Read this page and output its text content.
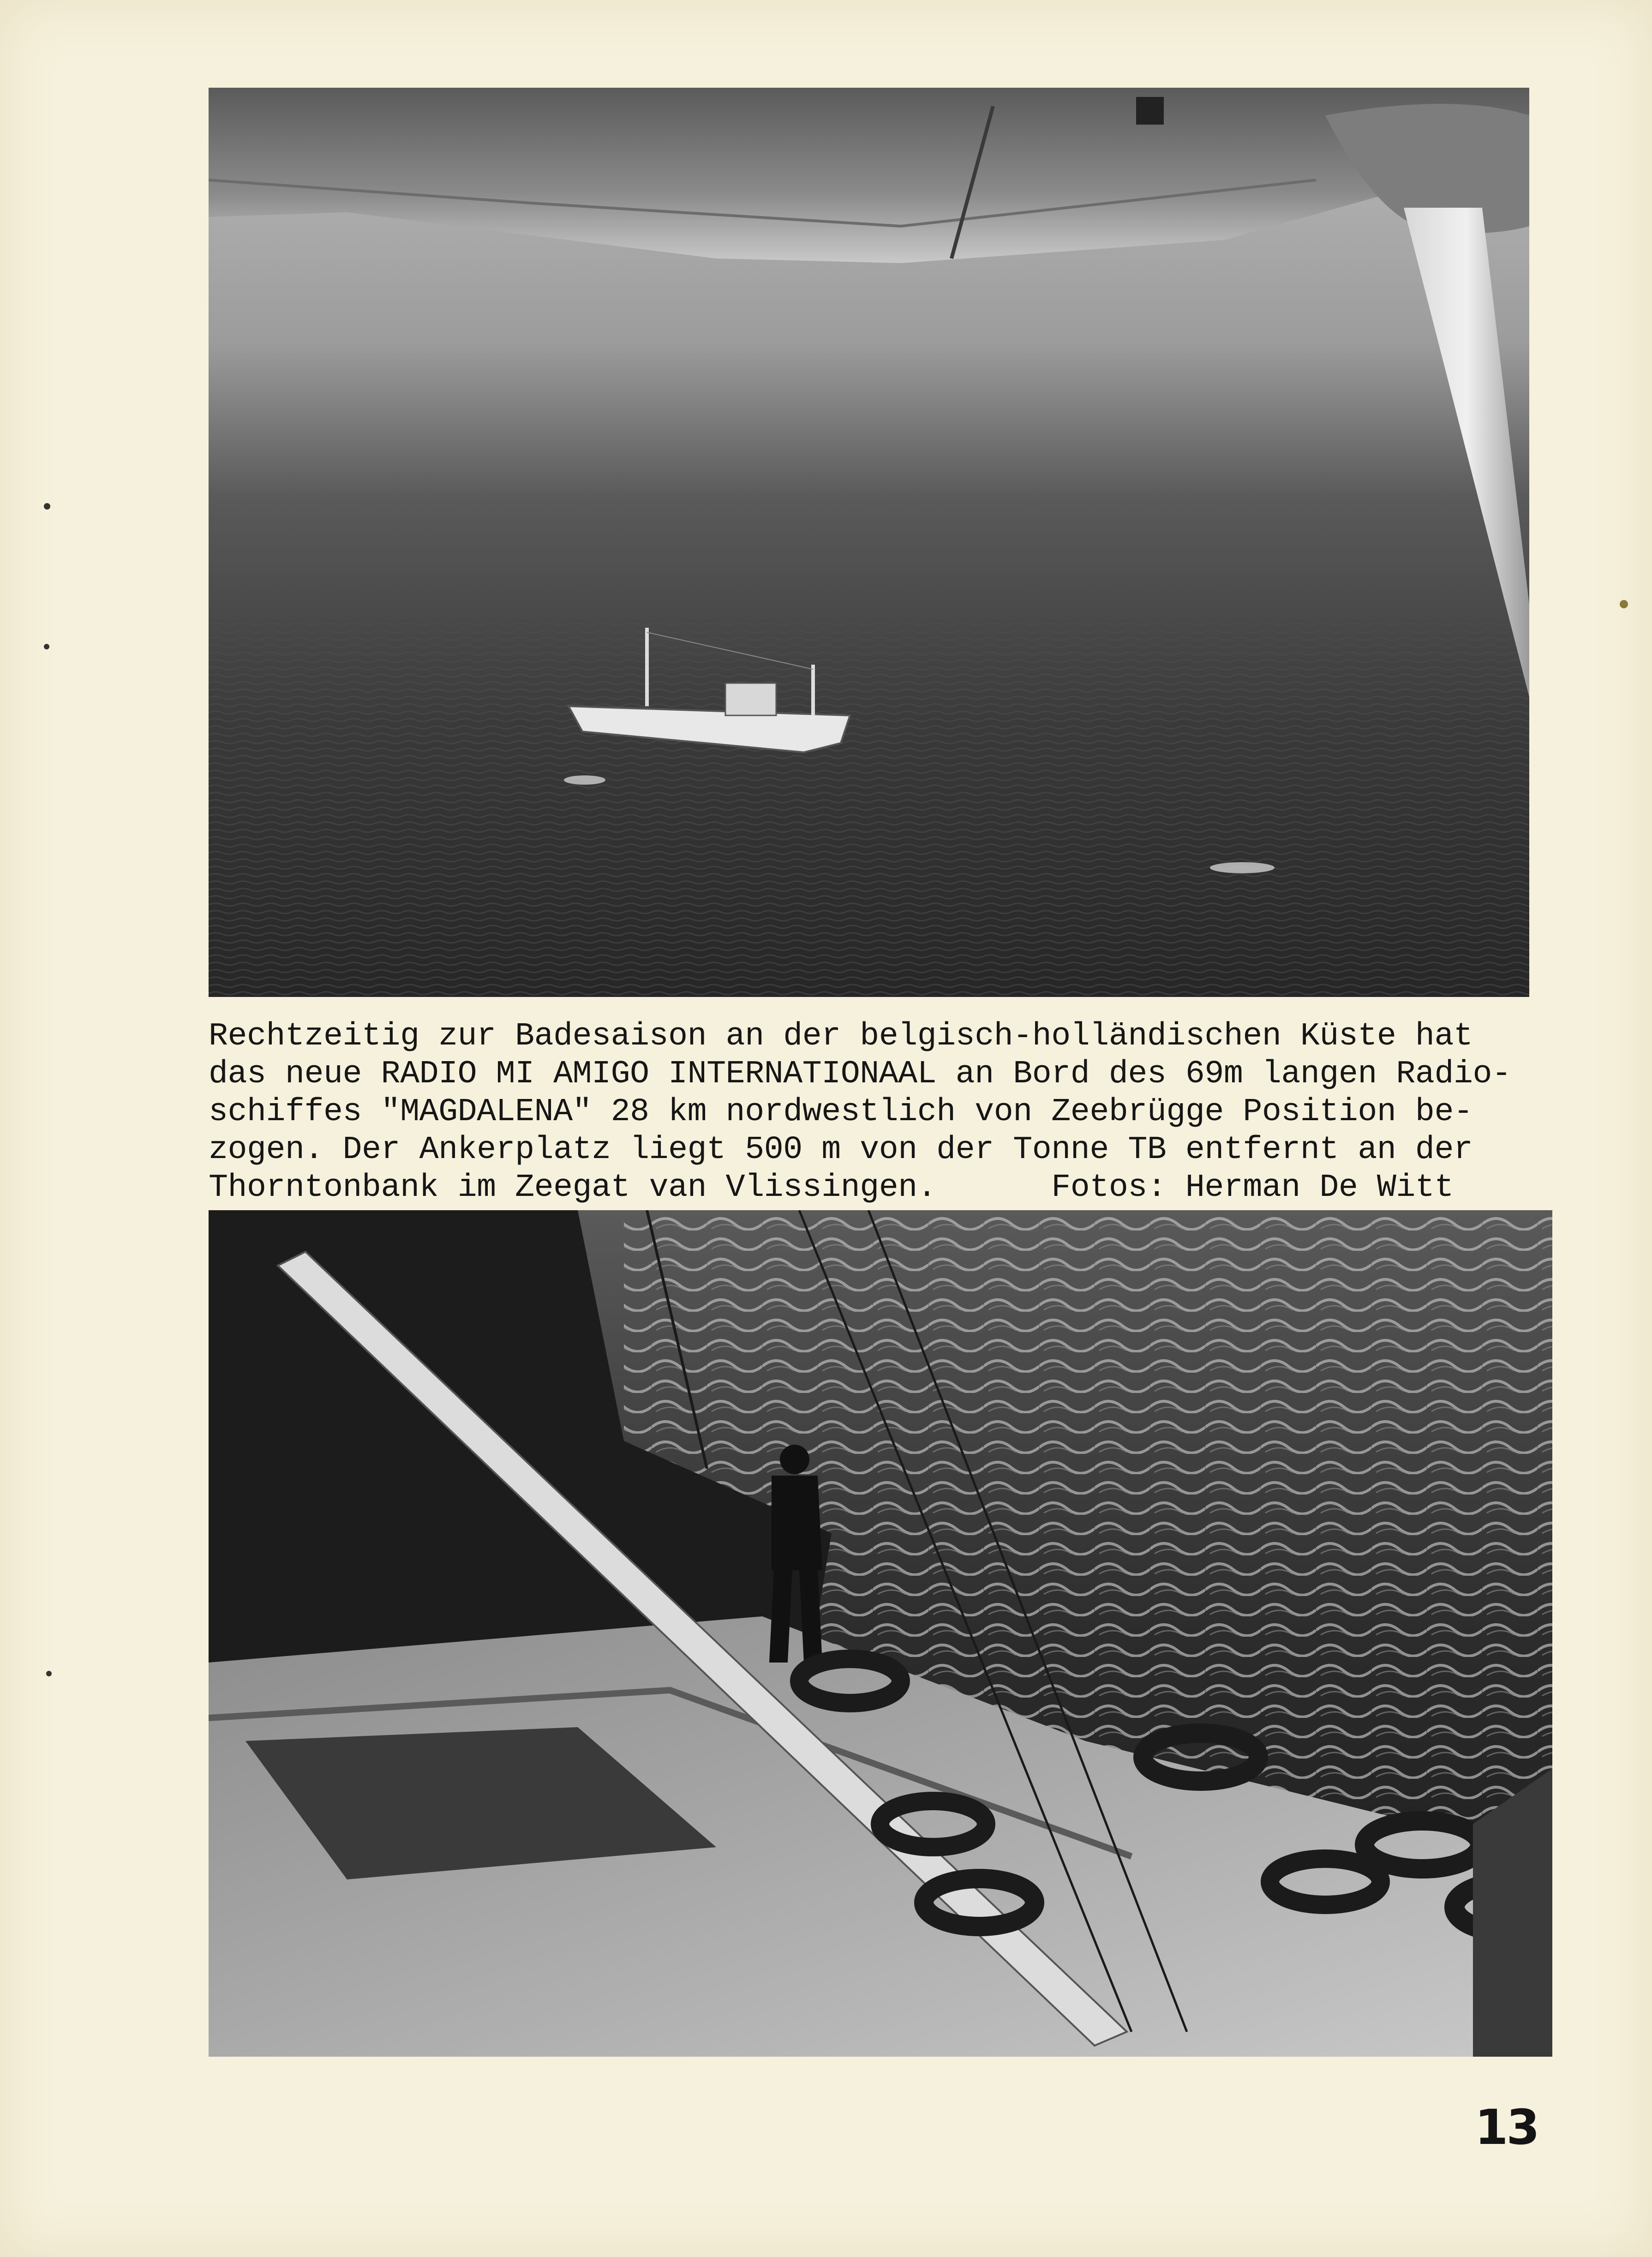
Rechtzeitig zur Badesaison an der belgisch-holländischen Küste hat
das neue RADIO MI AMIGO INTERNATIONAAL an Bord des 69m langen Radio-
schiffes "MAGDALENA" 28 km nordwestlich von Zeebrügge Position be-
zogen. Der Ankerplatz liegt 500 m von der Tonne TB entfernt an der
Thorntonbank im Zeegat van Vlissingen.      Fotos: Herman De Witt
13
